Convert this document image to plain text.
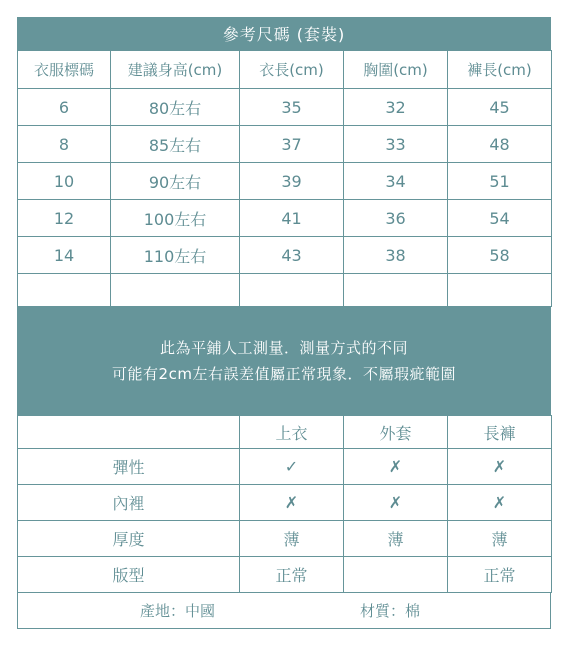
參考尺碼 (套裝)
衣服標碼	建議身高(cm)	衣長(cm)	胸圍(cm)	褲長(cm)
6	80左右	35	32	45
8	85左右	37	33	48
10	90左右	39	34	51
12	100左右	41	36	54
14	110左右	43	38	58

此為平鋪人工測量．測量方式的不同
可能有2cm左右誤差值屬正常現象．不屬瑕疵範圍
	上衣	外套	長褲
彈性	✓	✗	✗
內裡	✗	✗	✗
厚度	薄	薄	薄
版型	正常		正常
產地：中國	材質：棉
